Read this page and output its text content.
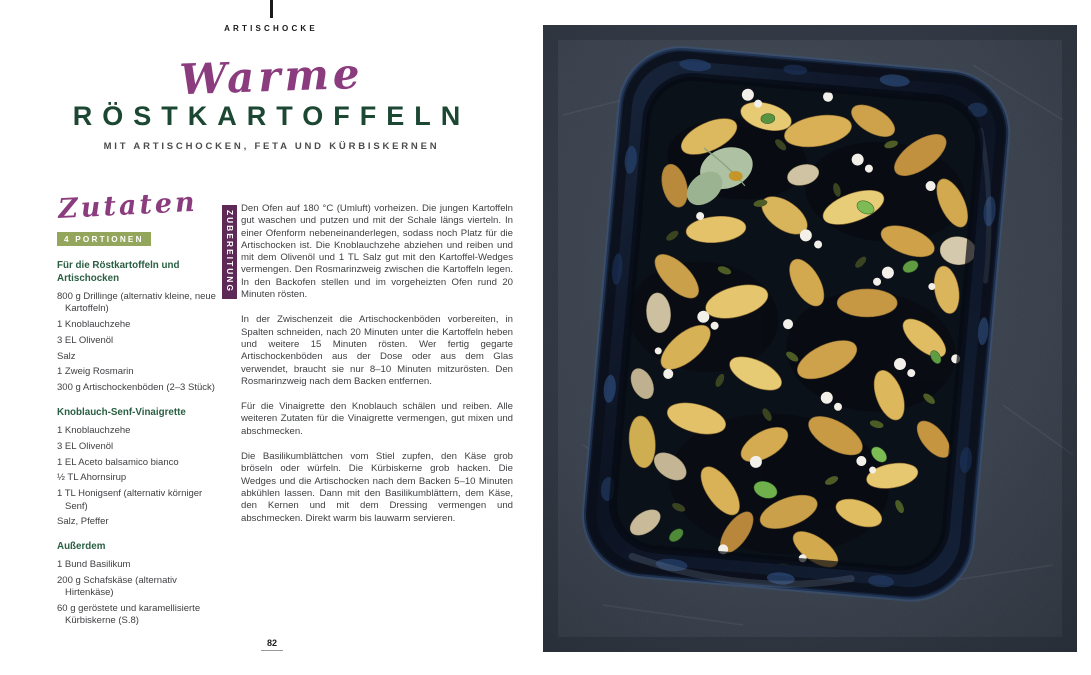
ARTISCHOCKE
Warme
RÖSTKARTOFFELN
MIT ARTISCHOCKEN, FETA UND KÜRBISKERNEN
Zutaten
4 PORTIONEN
Für die Röstkartoffeln und Artischocken
800 g Drillinge (alternativ kleine, neue Kartoffeln)
1 Knoblauchzehe
3 EL Olivenöl
Salz
1 Zweig Rosmarin
300 g Artischockenböden (2–3 Stück)
Knoblauch-Senf-Vinaigrette
1 Knoblauchzehe
3 EL Olivenöl
1 EL Aceto balsamico bianco
½ TL Ahornsirup
1 TL Honigsenf (alternativ körniger Senf)
Salz, Pfeffer
Außerdem
1 Bund Basilikum
200 g Schafskäse (alternativ Hirtenkäse)
60 g geröstete und karamellisierte Kürbiskerne (S.8)
ZUBEREITUNG

Den Ofen auf 180 °C (Umluft) vorheizen. Die jungen Kartoffeln gut waschen und putzen und mit der Schale längs vierteln. In einer Ofenform nebeneinanderlegen, sodass noch Platz für die Artischocken ist. Die Knoblauchzehe abziehen und reiben und mit dem Olivenöl und 1 TL Salz gut mit den Kartoffel-Wedges vermengen. Den Rosmarinzweig zwischen die Kartoffeln legen. In den Backofen stellen und im vorgeheizten Ofen rund 20 Minuten rösten.

In der Zwischenzeit die Artischockenböden vorbereiten, in Spalten schneiden, nach 20 Minuten unter die Kartoffeln heben und weitere 15 Minuten rösten. Wer fertig gegarte Artischockenböden aus der Dose oder aus dem Glas verwendet, braucht sie nur 8–10 Minuten mitzurösten. Den Rosmarinzweig nach dem Backen entfernen.

Für die Vinaigrette den Knoblauch schälen und reiben. Alle weiteren Zutaten für die Vinaigrette vermengen, gut mixen und abschmecken.

Die Basilikumblättchen vom Stiel zupfen, den Käse grob bröseln oder würfeln. Die Kürbiskerne grob hacken. Die Wedges und die Artischocken nach dem Backen 5–10 Minuten abkühlen lassen. Dann mit den Basilikumblättern, dem Käse, den Kernen und mit dem Dressing vermengen und abschmecken. Direkt warm bis lauwarm servieren.

82
